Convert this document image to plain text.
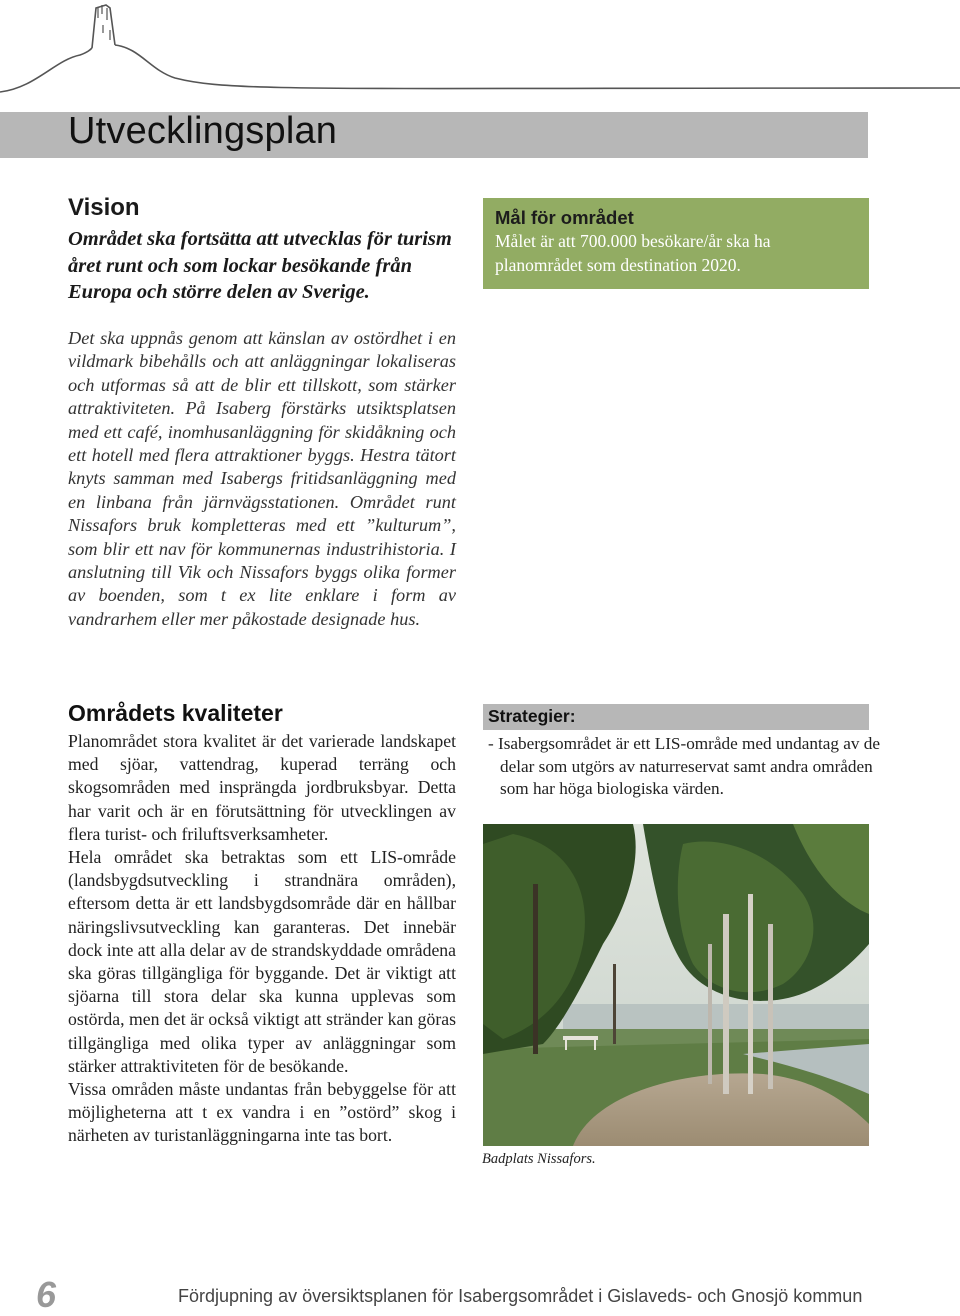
Utvecklingsplan
Vision

Området ska fortsätta att utvecklas för turism året runt och som lockar besökande från Europa och större delen av Sverige.

Mål för området

Målet är att 700.000 besökare/år ska ha planområdet som destination 2020.

Det ska uppnås genom att känslan av ostördhet i en vildmark bibehålls och att anläggningar lokaliseras och utformas så att de blir ett tillskott, som stärker attraktiviteten. På Isaberg förstärks utsiktsplatsen med ett café, inomhusanläggning för skidåkning och ett hotell med flera attraktioner byggs. Hestra tätort knyts samman med Isabergs fritidsanläggning med en linbana från järnvägsstationen. Området runt Nissafors bruk kompletteras med ett ”kulturum”, som blir ett nav för kommunernas industrihistoria. I anslutning till Vik och Nissafors byggs olika former av boenden, som t ex lite enklare i form av vandrarhem eller mer påkostade designade hus.

Områdets kvaliteter

Planområdet stora kvalitet är det varierade landskapet med sjöar, vattendrag, kuperad terräng och skogsområden med insprängda jordbruksbyar. Detta har varit och är en förutsättning för utvecklingen av flera turist- och friluftsverksamheter.

Hela området ska betraktas som ett LIS-område (landsbygdsutveckling i strandnära områden), eftersom detta är ett landsbygdsområde där en hållbar näringslivsutveckling kan garanteras. Det innebär dock inte att alla delar av de strandskyddade områdena ska göras tillgängliga för byggande. Det är viktigt att sjöarna till stora delar ska kunna upplevas som ostörda, men det är också viktigt att stränder kan göras tillgängliga med olika typer av anläggningar som stärker attraktiviteten för de besökande.

Vissa områden måste undantas från bebyggelse för att möjligheterna att t ex vandra i en ”ostörd” skog i närheten av turistanläggningarna inte tas bort.

Strategier:

- Isabergsområdet är ett LIS-område med undantag av de delar som utgörs av naturreservat samt andra områden som har höga biologiska värden.

Badplats Nissafors.

6	Fördjupning av översiktsplanen för Isabergsområdet i Gislaveds- och Gnosjö kommun
